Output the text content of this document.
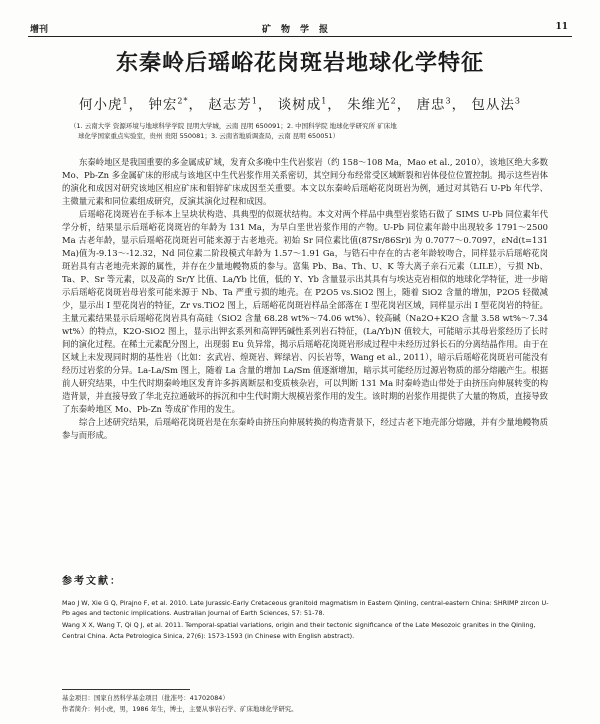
增刊	矿物学报	11
东秦岭后瑶峪花岗斑岩地球化学特征
何小虎$^1$， 钟宏$^{2*}$， 赵志芳$^1$， 谈树成$^1$， 朱维光$^2$， 唐忠$^3$， 包从法$^3$
（1. 云南大学 资源环境与地球科学学院 昆明大学城，云南 昆明 650091；2. 中国科学院 地球化学研究所 矿床地
球化学国家重点实验室，贵州 贵阳 550081；3. 云南省地质调查局，云南 昆明 650051）

东秦岭地区是我国重要的多金属成矿域，发育众多晚中生代岩浆岩（约 158～108 Ma，Mao et al., 2010），该地区绝大多数 Mo、Pb-Zn 多金属矿床的形成与该地区中生代岩浆作用关系密切，其空间分布经常受区域断裂和岩体侵位位置控制。揭示这些岩体的演化和成因对研究该地区相应矿床和钼锌矿床成因至关重要。本文以东秦岭后瑶峪花岗斑岩为例，通过对其锆石 U-Pb 年代学、主微量元素和同位素组成研究，反演其演化过程和成因。

后瑶峪花岗斑岩在手标本上呈块状构造、具典型的似斑状结构。本文对两个样品中典型岩浆锆石做了 SIMS U-Pb 同位素年代学分析，结果显示后瑶峪花岗斑岩的年龄为 131 Ma，为早白垩世岩浆作用的产物。U-Pb 同位素年龄中出现较多 1791～2500 Ma 古老年龄，显示后瑶峪花岗斑岩可能来源于古老地壳。初始 Sr 同位素比值(87Sr/86Sr)i 为 0.7077～0.7097，εNd(t=131 Ma)值为-9.13～-12.32，Nd 同位素二阶段模式年龄为 1.57～1.91 Ga，与锆石中存在的古老年龄较吻合，同样显示后瑶峪花岗斑岩具有古老地壳来源的属性，并存在少量地幔物质的参与。富集 Pb、Ba、Th、U、K 等大离子亲石元素（LILE），亏损 Nb、Ta、P、Sr 等元素，以及高的 Sr/Y 比值、La/Yb 比值，低的 Y、Yb 含量显示出其具有与埃达克岩相似的地球化学特征，进一步暗示后瑶峪花岗斑岩母岩浆可能来源于 Nb、Ta 严重亏损的地壳。在 P2O5 vs.SiO2 图上，随着 SiO2 含量的增加，P2O5 轻微减少，显示出 I 型花岗岩的特征，Zr vs.TiO2 图上，后瑶峪花岗斑岩样品全部落在 I 型花岗岩区域，同样显示出 I 型花岗岩的特征。主量元素结果显示后瑶峪花岗岩具有高硅（SiO2 含量 68.28 wt%～74.06 wt%）、较高碱（Na2O+K2O 含量 3.58 wt%～7.34 wt%）的特点，K2O-SiO2 图上，显示出钾玄系列和高钾钙碱性系列岩石特征，(La/Yb)N 值较大，可能暗示其母岩浆经历了长时间的演化过程。在稀土元素配分图上，出现弱 Eu 负异常，揭示后瑶峪花岗斑岩形成过程中未经历过斜长石的分离结晶作用。由于在区域上未发现同时期的基性岩（比如：玄武岩、煌斑岩、辉绿岩、闪长岩等，Wang et al., 2011），暗示后瑶峪花岗斑岩可能没有经历过岩浆的分异。La-La/Sm 图上，随着 La 含量的增加 La/Sm 值逐渐增加，暗示其可能经历过源岩物质的部分熔融产生。根据前人研究结果，中生代时期秦岭地区发育许多拆离断层和变质核杂岩，可以判断 131 Ma 时秦岭造山带处于由挤压向伸展转变的构造背景，并直接导致了华北克拉通破坏的拆沉和中生代时期大规模岩浆作用的发生。该时期的岩浆作用提供了大量的物质，直接导致了东秦岭地区 Mo、Pb-Zn 等成矿作用的发生。

综合上述研究结果，后瑶峪花岗斑岩是在东秦岭由挤压向伸展转换的构造背景下，经过古老下地壳部分熔融，并有少量地幔物质参与而形成。

参考文献：
Mao J W, Xie G Q, Pirajno F, et al. 2010. Late Jurassic-Early Cretaceous granitoid magmatism in Eastern Qinling, central-eastern China: SHRIMP zircon U-Pb ages and tectonic implications. Australian Journal of Earth Sciences, 57: 51-78.
Wang X X, Wang T, Qi Q J, et al. 2011. Temporal-spatial variations, origin and their tectonic significance of the Late Mesozoic granites in the Qinling, Central China. Acta Petrologica Sinica, 27(6): 1573-1593 (in Chinese with English abstract).
基金项目：国家自然科学基金项目（批准号：41702084）
作者简介：何小虎，男，1986 年生，博士，主要从事岩石学、矿床地球化学研究。
